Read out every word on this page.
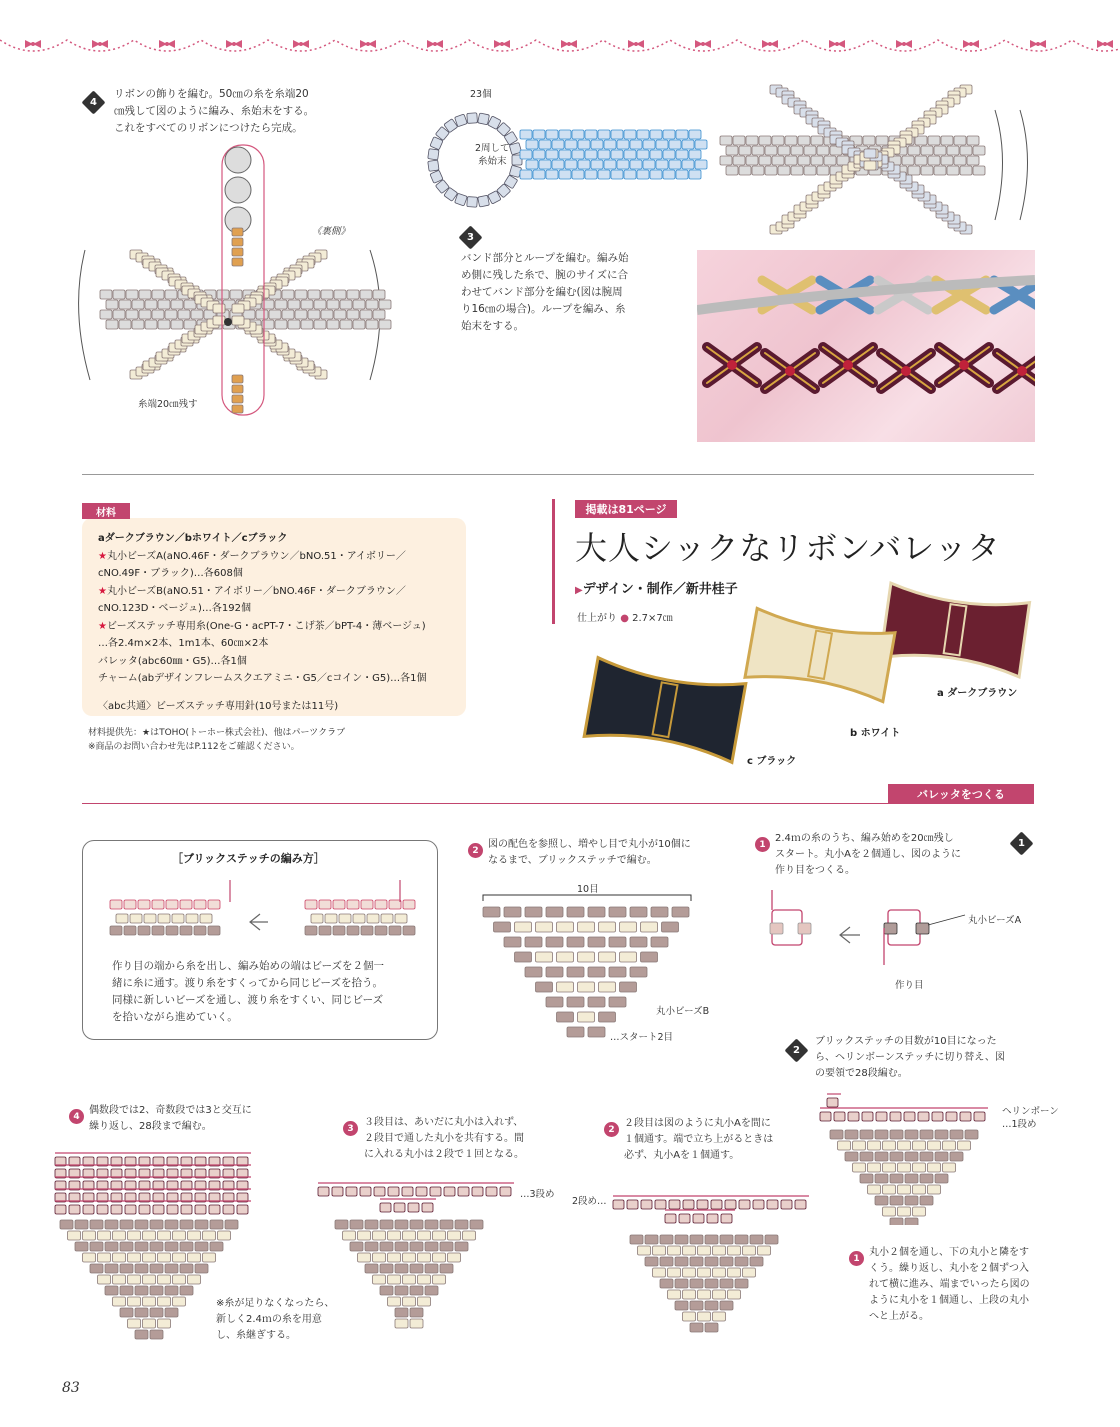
4
リボンの飾りを編む。50㎝の糸を糸端20
㎝残して図のように編み、糸始末をする。
これをすべてのリボンにつけたら完成。
《裏側》
糸端20㎝残す
23個
2周して
糸始末
3
バンド部分とループを編む。編み始
め側に残した糸で、腕のサイズに合
わせてバンド部分を編む(図は腕周
り16㎝の場合)。ループを編み、糸
始末をする。
材料
aダークブラウン／bホワイト／cブラック
★丸小ビーズA(aNO.46F・ダークブラウン／bNO.51・アイボリー／
cNO.49F・ブラック)…各608個
★丸小ビーズB(aNO.51・アイボリー／bNO.46F・ダークブラウン／
cNO.123D・ベージュ)…各192個
★ビーズステッチ専用糸(One-G・acPT-7・こげ茶／bPT-4・薄ベージュ)
…各2.4m×2本、1m1本、60㎝×2本
バレッタ(abc60㎜・G5)…各1個
チャーム(abデザインフレームスクエアミニ・G5／cコイン・G5)…各1個
〈abc共通〉ビーズステッチ専用針(10号または11号)
材料提供先：★はTOHO(トーホー株式会社)、他はパーツクラブ
※商品のお問い合わせ先はP.112をご確認ください。
掲載は81ページ
大人シックなリボンバレッタ
▶デザイン・制作／新井桂子
仕上がり ● 2.7×7㎝
a ダークブラウン
b ホワイト
c ブラック
バレッタをつくる
［ブリックステッチの編み方］
作り目の端から糸を出し、編み始めの端はビーズを２個一
緒に糸に通す。渡り糸をすくってから同じビーズを拾う。
同様に新しいビーズを通し、渡り糸をすくい、同じビーズ
を拾いながら進めていく。
2
図の配色を参照し、増やし目で丸小が10個に
なるまで、ブリックステッチで編む。
10目
丸小ビーズB
…スタート2目
1
1
2.4ｍの糸のうち、編み始めを20㎝残し
スタート。丸小Aを２個通し、図のように
作り目をつくる。
丸小ビーズA
作り目
2
ブリックステッチの目数が10目になった
ら、ヘリンボーンステッチに切り替え、図
の要領で28段編む。
ヘリンボーン
…1段め
1
丸小２個を通し、下の丸小と隣をす
くう。繰り返し、丸小を２個ずつ入
れて横に進み、端までいったら図の
ように丸小を１個通し、上段の丸小
へと上がる。
2
２段目は図のように丸小Aを間に
１個通す。端で立ち上がるときは
必ず、丸小Aを１個通す。
2段め…
3
３段目は、あいだに丸小は入れず、
２段目で通した丸小を共有する。間
に入れる丸小は２段で１回となる。
…3段め
4
偶数段では2、奇数段では3と交互に
繰り返し、28段まで編む。
※糸が足りなくなったら、
新しく2.4ｍの糸を用意
し、糸継ぎする。
83
